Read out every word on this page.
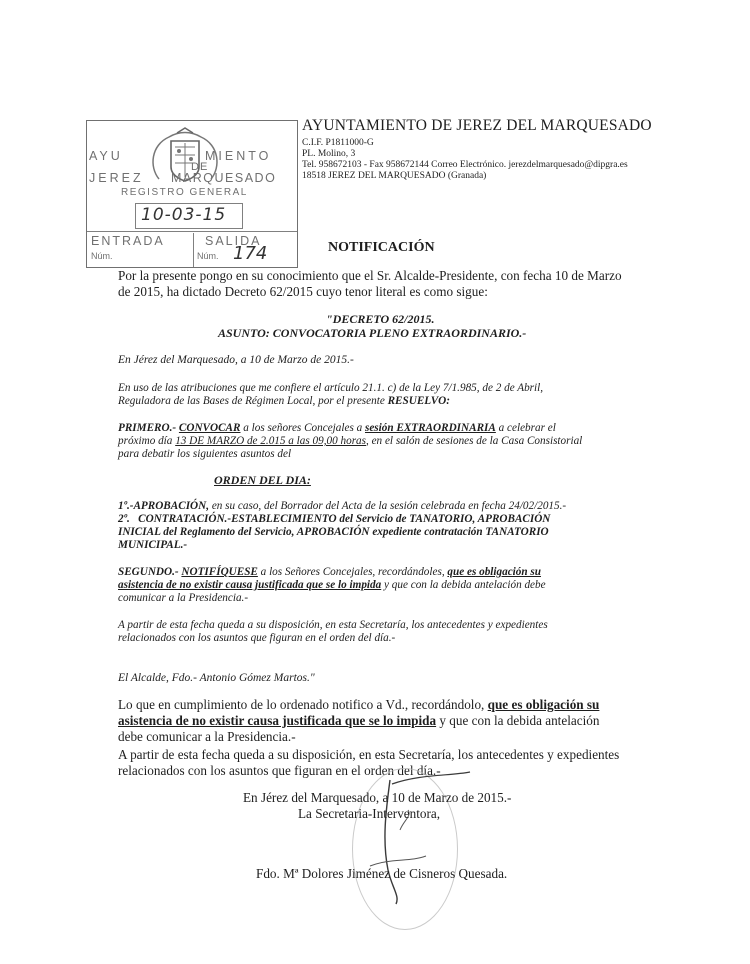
AYU	MIENTO
DE
JEREZ MARQUESADO
REGISTRO GENERAL
10-03-15
ENTRADA	SALIDA
Núm.	Núm. 174
AYUNTAMIENTO DE JEREZ DEL MARQUESADO
C.I.F. P1811000-G
PL. Molino, 3
Tel. 958672103 - Fax 958672144 Correo Electrónico. jerezdelmarquesado@dipgra.es
18518 JEREZ DEL MARQUESADO (Granada)
NOTIFICACIÓN
Por la presente pongo en su conocimiento que el Sr. Alcalde-Presidente, con fecha 10 de Marzo
de 2015, ha dictado Decreto 62/2015 cuyo tenor literal es como sigue:
"DECRETO 62/2015.
ASUNTO: CONVOCATORIA PLENO EXTRAORDINARIO.-
En Jérez del Marquesado, a 10 de Marzo de 2015.-
En uso de las atribuciones que me confiere el artículo 21.1. c) de la Ley 7/1.985, de 2 de Abril,
Reguladora de las Bases de Régimen Local, por el presente RESUELVO:
PRIMERO.- CONVOCAR a los señores Concejales a sesión EXTRAORDINARIA a celebrar el
próximo día 13 DE MARZO de 2.015 a las 09,00 horas, en el salón de sesiones de la Casa Consistorial
para debatir los siguientes asuntos del
ORDEN DEL DIA:
1º.-APROBACIÓN, en su caso, del Borrador del Acta de la sesión celebrada en fecha 24/02/2015.-
2º. CONTRATACIÓN.-ESTABLECIMIENTO del Servicio de TANATORIO, APROBACIÓN
INICIAL del Reglamento del Servicio, APROBACIÓN expediente contratación TANATORIO
MUNICIPAL.-
SEGUNDO.- NOTIFÍQUESE a los Señores Concejales, recordándoles, que es obligación su
asistencia de no existir causa justificada que se lo impida y que con la debida antelación debe
comunicar a la Presidencia.-
A partir de esta fecha queda a su disposición, en esta Secretaría, los antecedentes y expedientes
relacionados con los asuntos que figuran en el orden del día.-
El Alcalde, Fdo.- Antonio Gómez Martos."
Lo que en cumplimiento de lo ordenado notifico a Vd., recordándolo, que es obligación su
asistencia de no existir causa justificada que se lo impida y que con la debida antelación
debe comunicar a la Presidencia.-
A partir de esta fecha queda a su disposición, en esta Secretaría, los antecedentes y expedientes
relacionados con los asuntos que figuran en el orden del día.-
En Jérez del Marquesado, a 10 de Marzo de 2015.-
La Secretaria-Interventora,
Fdo. Mª Dolores Jiménez de Cisneros Quesada.
